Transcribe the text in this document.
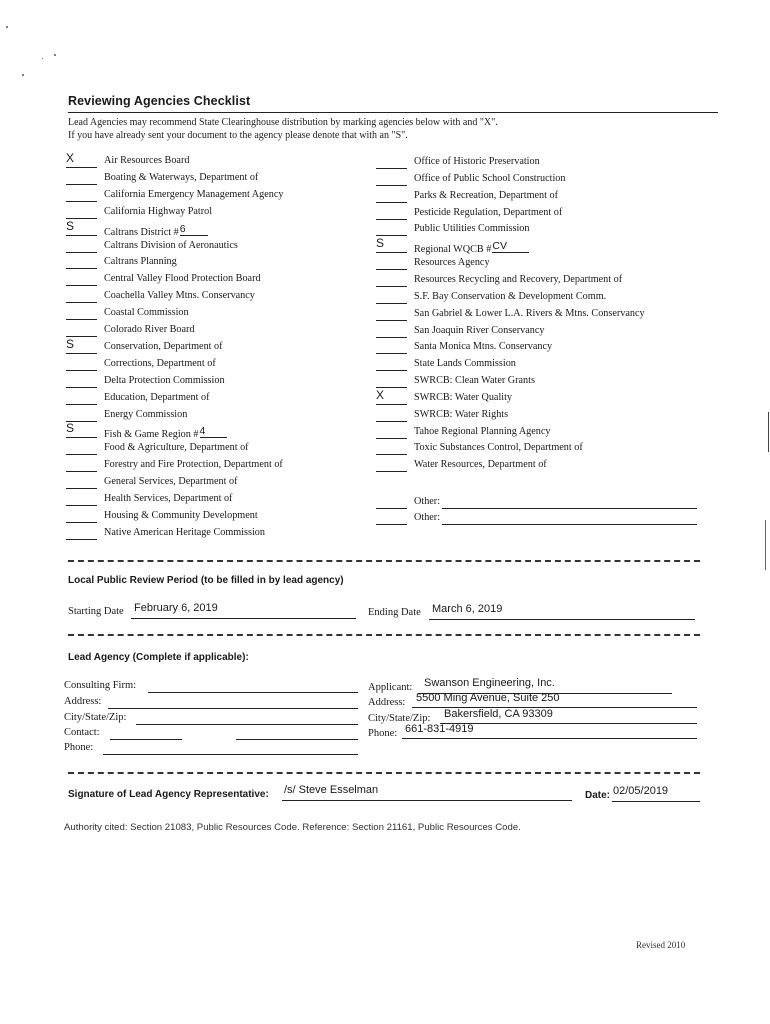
Reviewing Agencies Checklist
Lead Agencies may recommend State Clearinghouse distribution by marking agencies below with and "X".
If you have already sent your document to the agency please denote that with an "S".
X	Air Resources Board
Boating & Waterways, Department of
California Emergency Management Agency
California Highway Patrol
S	Caltrans District #6
Caltrans Division of Aeronautics
Caltrans Planning
Central Valley Flood Protection Board
Coachella Valley Mtns. Conservancy
Coastal Commission
Colorado River Board
S	Conservation, Department of
Corrections, Department of
Delta Protection Commission
Education, Department of
Energy Commission
S	Fish & Game Region #4
Food & Agriculture, Department of
Forestry and Fire Protection, Department of
General Services, Department of
Health Services, Department of
Housing & Community Development
Native American Heritage Commission
Office of Historic Preservation
Office of Public School Construction
Parks & Recreation, Department of
Pesticide Regulation, Department of
Public Utilities Commission
S	Regional WQCB #CV
Resources Agency
Resources Recycling and Recovery, Department of
S.F. Bay Conservation & Development Comm.
San Gabriel & Lower L.A. Rivers & Mtns. Conservancy
San Joaquin River Conservancy
Santa Monica Mtns. Conservancy
State Lands Commission
SWRCB: Clean Water Grants
X	SWRCB: Water Quality
SWRCB: Water Rights
Tahoe Regional Planning Agency
Toxic Substances Control, Department of
Water Resources, Department of
Other:
Other:
Local Public Review Period (to be filled in by lead agency)
Starting Date February 6, 2019	Ending Date March 6, 2019
Lead Agency (Complete if applicable):
Consulting Firm:
Address:
City/State/Zip:
Contact:
Phone:
Applicant: Swanson Engineering, Inc.
Address: 5500 Ming Avenue, Suite 250
City/State/Zip: Bakersfield, CA 93309
Phone: 661-831-4919
Signature of Lead Agency Representative: /s/ Steve Esselman	Date: 02/05/2019
Authority cited: Section 21083, Public Resources Code. Reference: Section 21161, Public Resources Code.
Revised 2010
